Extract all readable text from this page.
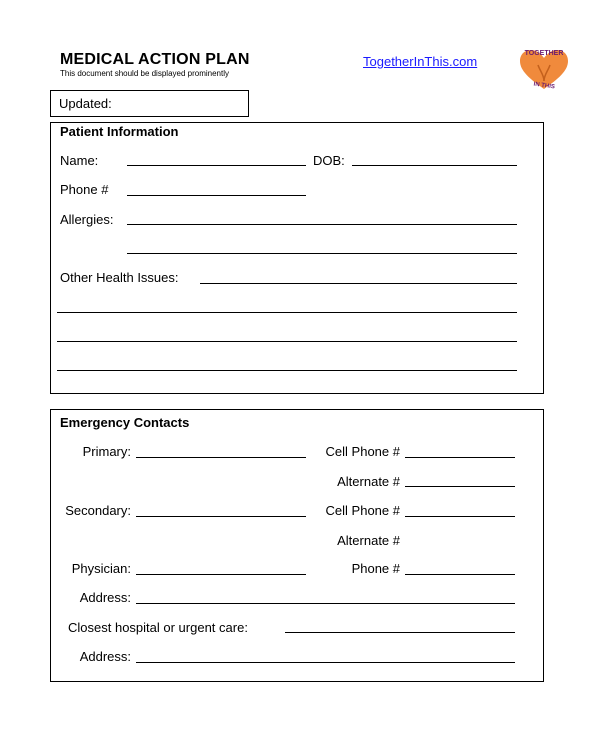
MEDICAL ACTION PLAN
This document should be displayed prominently
TogetherInThis.com
TOGETHER
IN THIS
Updated:
Patient Information
Name:	DOB:
Phone #
Allergies:
Other Health Issues:
Emergency Contacts
Primary:	Cell Phone #
Alternate #
Secondary:	Cell Phone #
Alternate #
Physician:	Phone #
Address:
Closest hospital or urgent care:
Address:
